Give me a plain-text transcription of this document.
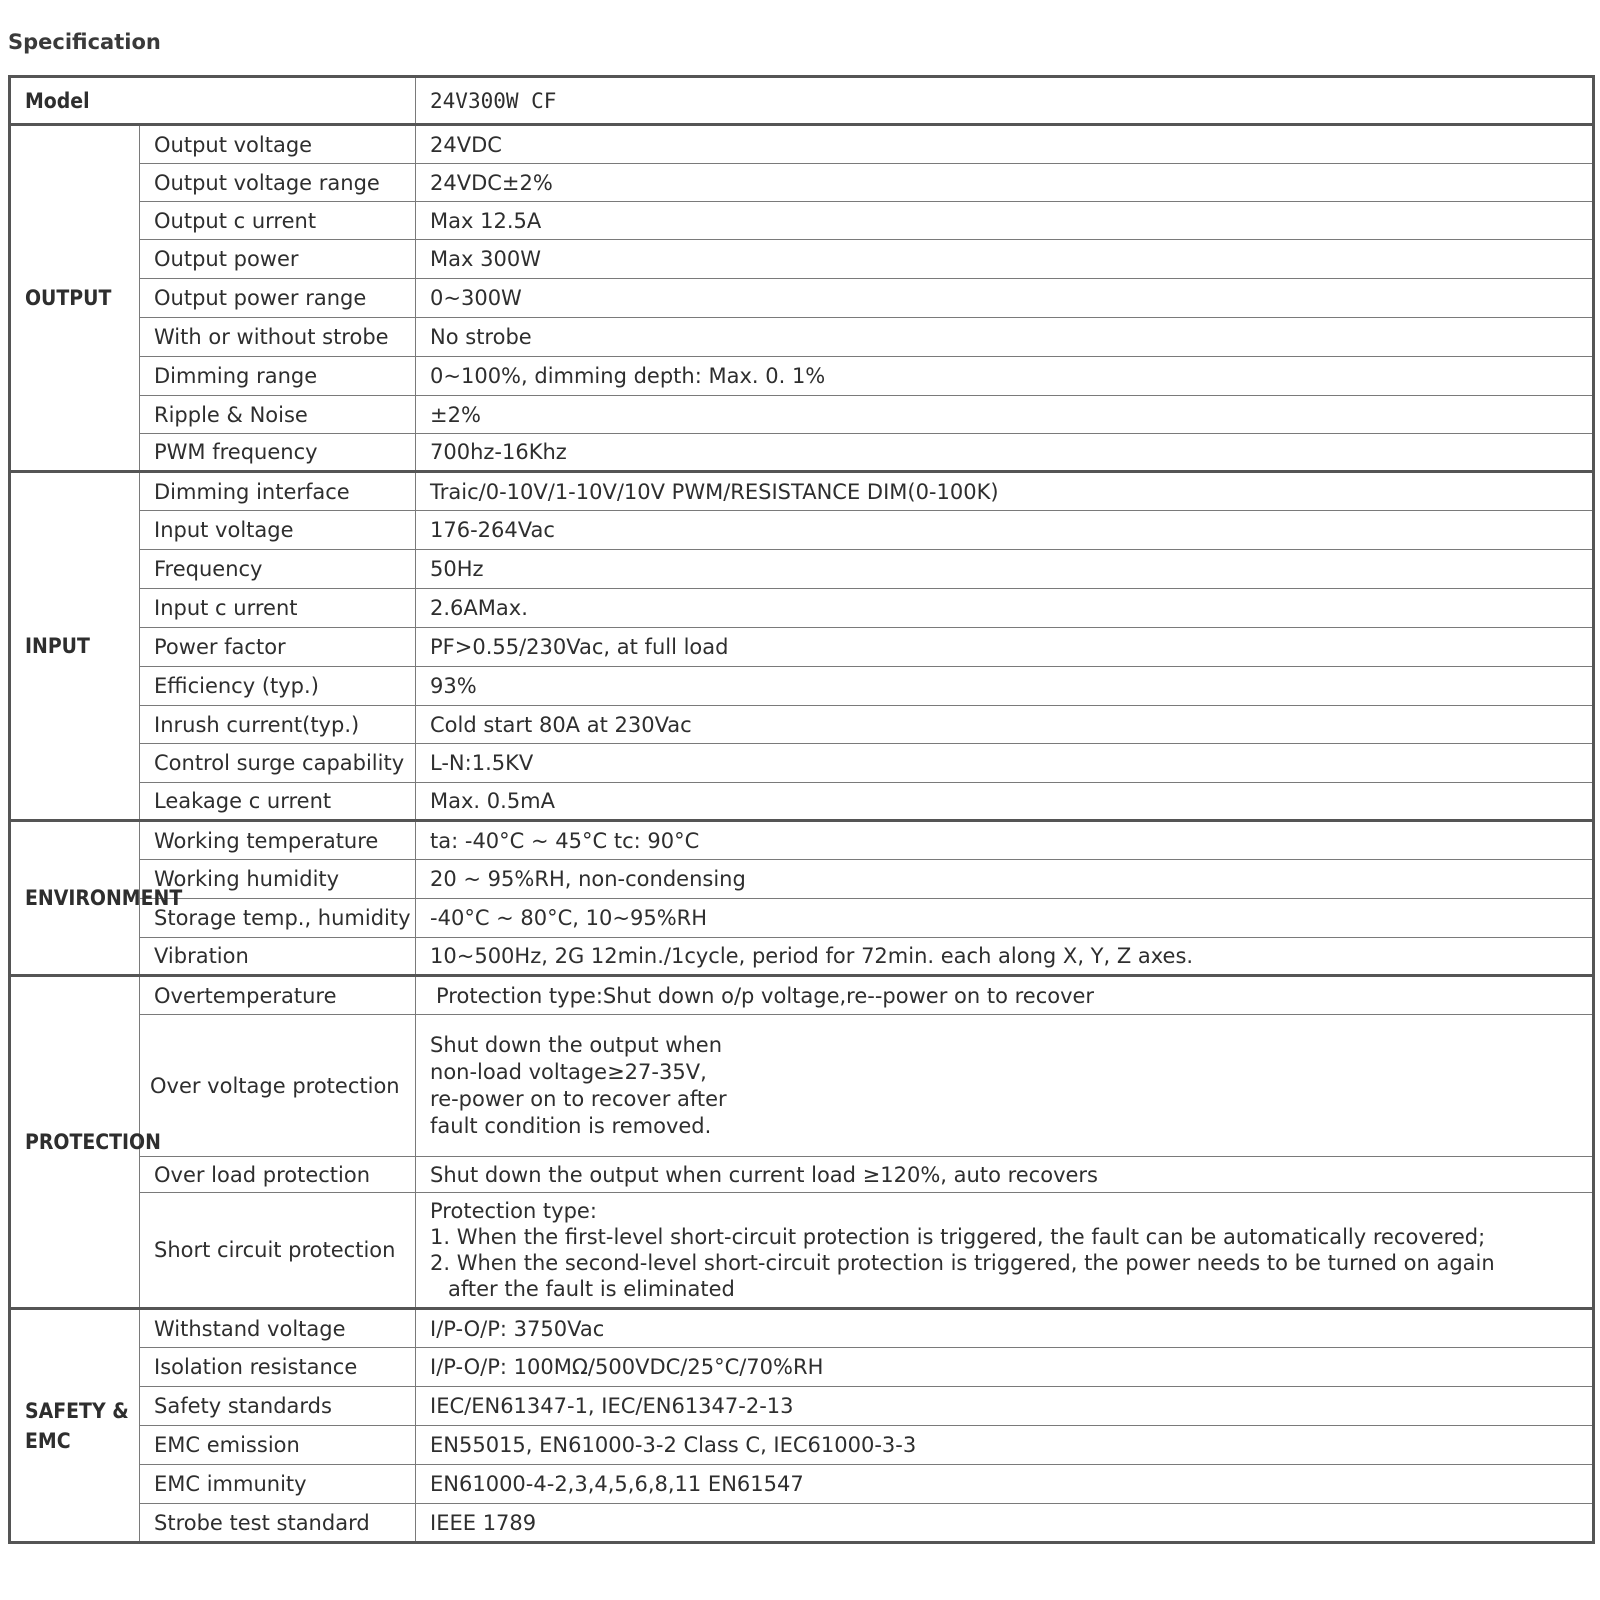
Specification
Model		24V300W CF
OUTPUT	Output voltage	24VDC
	Output voltage range	24VDC±2%
	Output c urrent	Max 12.5A
	Output power	Max 300W
	Output power range	0~300W
	With or without strobe	No strobe
	Dimming range	0~100%, dimming depth: Max. 0. 1%
	Ripple & Noise	±2%
	PWM frequency	700hz-16Khz
INPUT	Dimming interface	Traic/0-10V/1-10V/10V PWM/RESISTANCE DIM(0-100K)
	Input voltage	176-264Vac
	Frequency	50Hz
	Input c urrent	2.6AMax.
	Power factor	PF>0.55/230Vac, at full load
	Efficiency (typ.)	93%
	Inrush current(typ.)	Cold start 80A at 230Vac
	Control surge capability	L-N:1.5KV
	Leakage c urrent	Max. 0.5mA
ENVIRONMENT	Working temperature	ta: -40°C ~ 45°C tc: 90°C
	Working humidity	20 ~ 95%RH, non-condensing
	Storage temp., humidity	-40°C ~ 80°C, 10~95%RH
	Vibration	10~500Hz, 2G 12min./1cycle, period for 72min. each along X, Y, Z axes.
PROTECTION	Overtemperature	Protection type:Shut down o/p voltage,re--power on to recover
	Over voltage protection	Shut down the output when
non-load voltage≥27-35V,
re-power on to recover after
fault condition is removed.

	Over load protection	Shut down the output when current load ≥120%, auto recovers
	Short circuit protection	Protection type:
1. When the first-level short-circuit protection is triggered, the fault can be automatically recovered;
2. When the second-level short-circuit protection is triggered, the power needs to be turned on again
after the fault is eliminated

SAFETY &
EMC	Withstand voltage	I/P-O/P: 3750Vac
	Isolation resistance	I/P-O/P: 100MΩ/500VDC/25°C/70%RH
	Safety standards	IEC/EN61347-1, IEC/EN61347-2-13
	EMC emission	EN55015, EN61000-3-2 Class C, IEC61000-3-3
	EMC immunity	EN61000-4-2,3,4,5,6,8,11 EN61547
	Strobe test standard	IEEE 1789
